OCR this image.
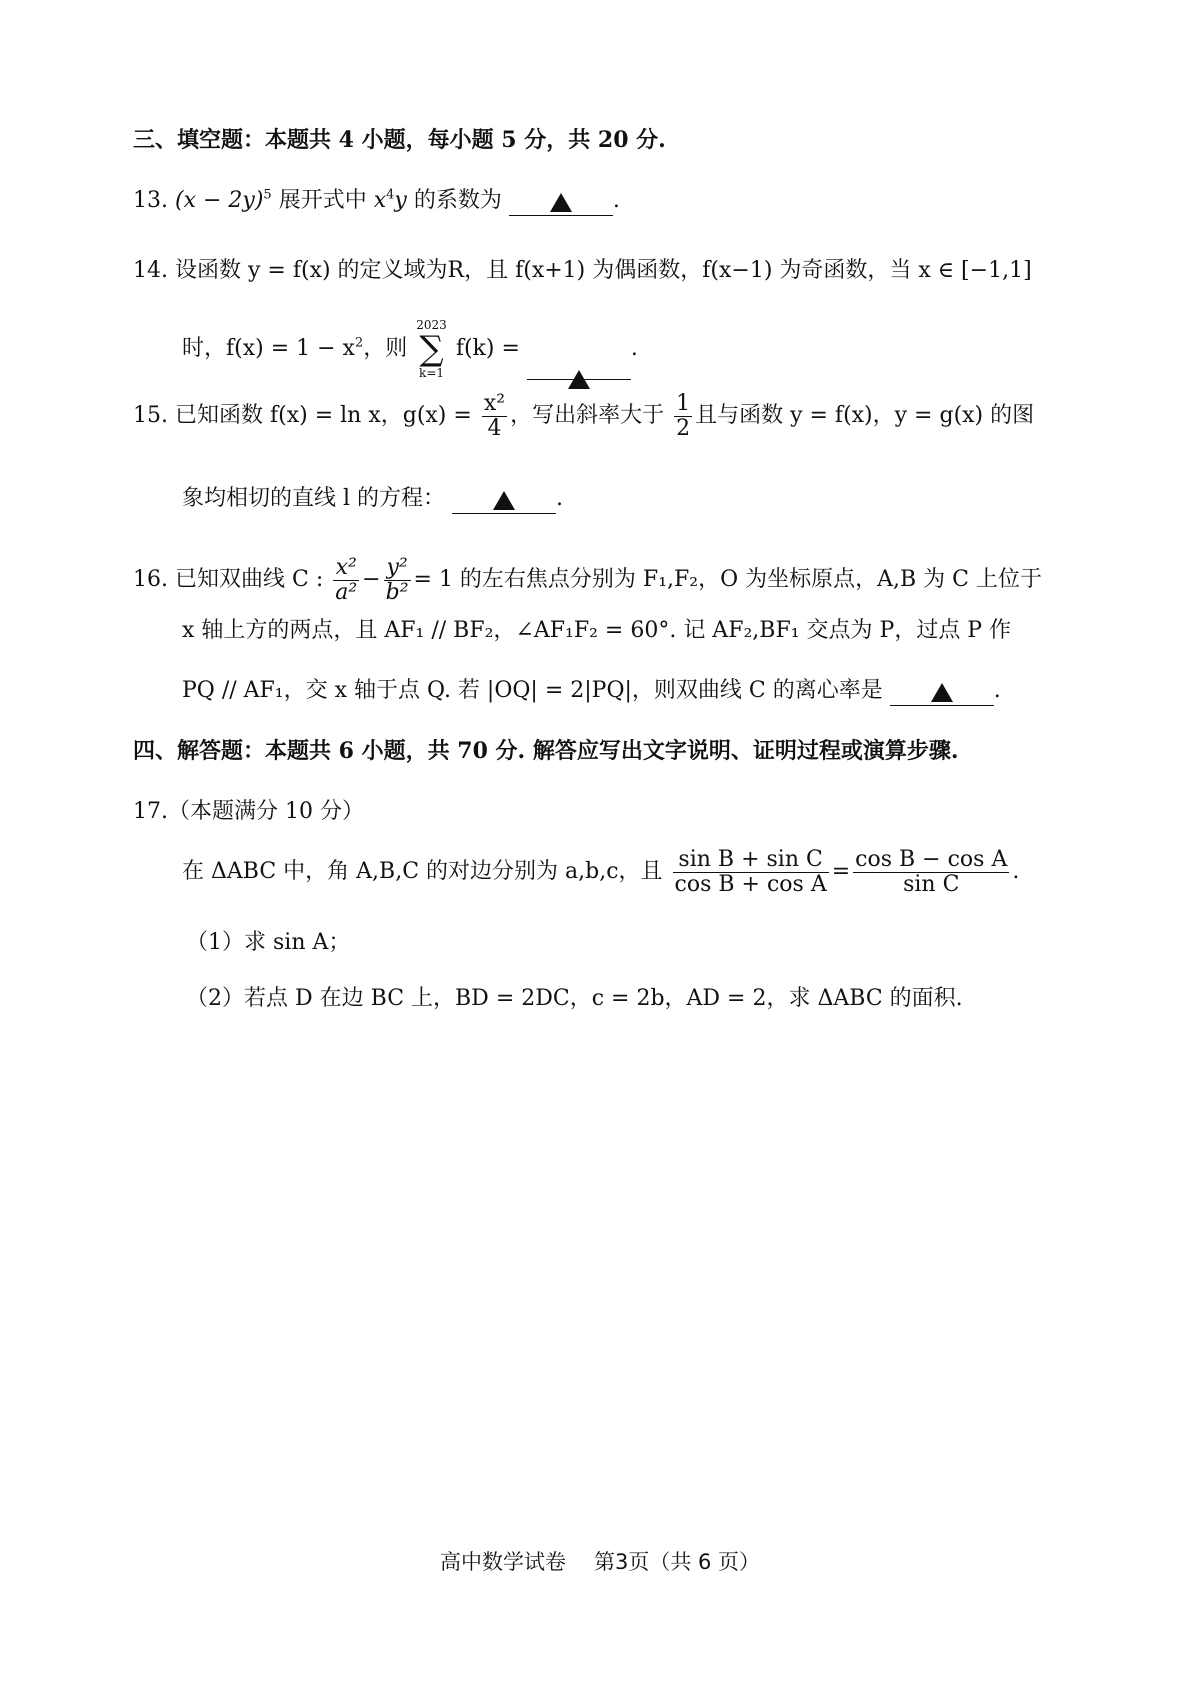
三、填空题：本题共 4 小题，每小题 5 分，共 20 分.
13. $(x - 2y)^5$ 展开式中 $x^4y$ 的系数为	.
14. 设函数 y = f(x) 的定义域为R，且 f(x+1) 为偶函数，f(x−1) 为奇函数，当 x ∈ [−1,1]
时，$f(x) = 1 - x^2$，则
2023
∑
k=1
f(k) =	.
15. 已知函数 f(x) = ln x，$g(x) = \frac{\text{x²}}{4}$ ，写出斜率大于 $\frac{1}{2}$ 且与函数 y = f(x)，y = g(x) 的图
象均相切的直线 l 的方程：	.
16. 已知双曲线 C : $\frac{\text{x²}}{\text{a²}} - \frac{\text{y²}}{\text{b²}} = 1$ 的左右焦点分别为 F₁,F₂，O 为坐标原点，A,B 为 C 上位于
x 轴上方的两点，且 AF₁ // BF₂，∠AF₁F₂ = 60°. 记 AF₂,BF₁ 交点为 P，过点 P 作
PQ // AF₁，交 x 轴于点 Q. 若 |OQ| = 2|PQ|，则双曲线 C 的离心率是	.
四、解答题：本题共 6 小题，共 70 分. 解答应写出文字说明、证明过程或演算步骤.
17.（本题满分 10 分）
在 ΔABC 中，角 A,B,C 的对边分别为 a,b,c，且 $\frac{\text{sin B + sin C}}{\text{cos B + cos A}} = \frac{\text{cos B − cos A}}{\text{sin C}}$ .
（1）求 sin A；
（2）若点 D 在边 BC 上，BD = 2DC，c = 2b，AD = 2，求 ΔABC 的面积.
高中数学试卷 第3页（共 6 页）
